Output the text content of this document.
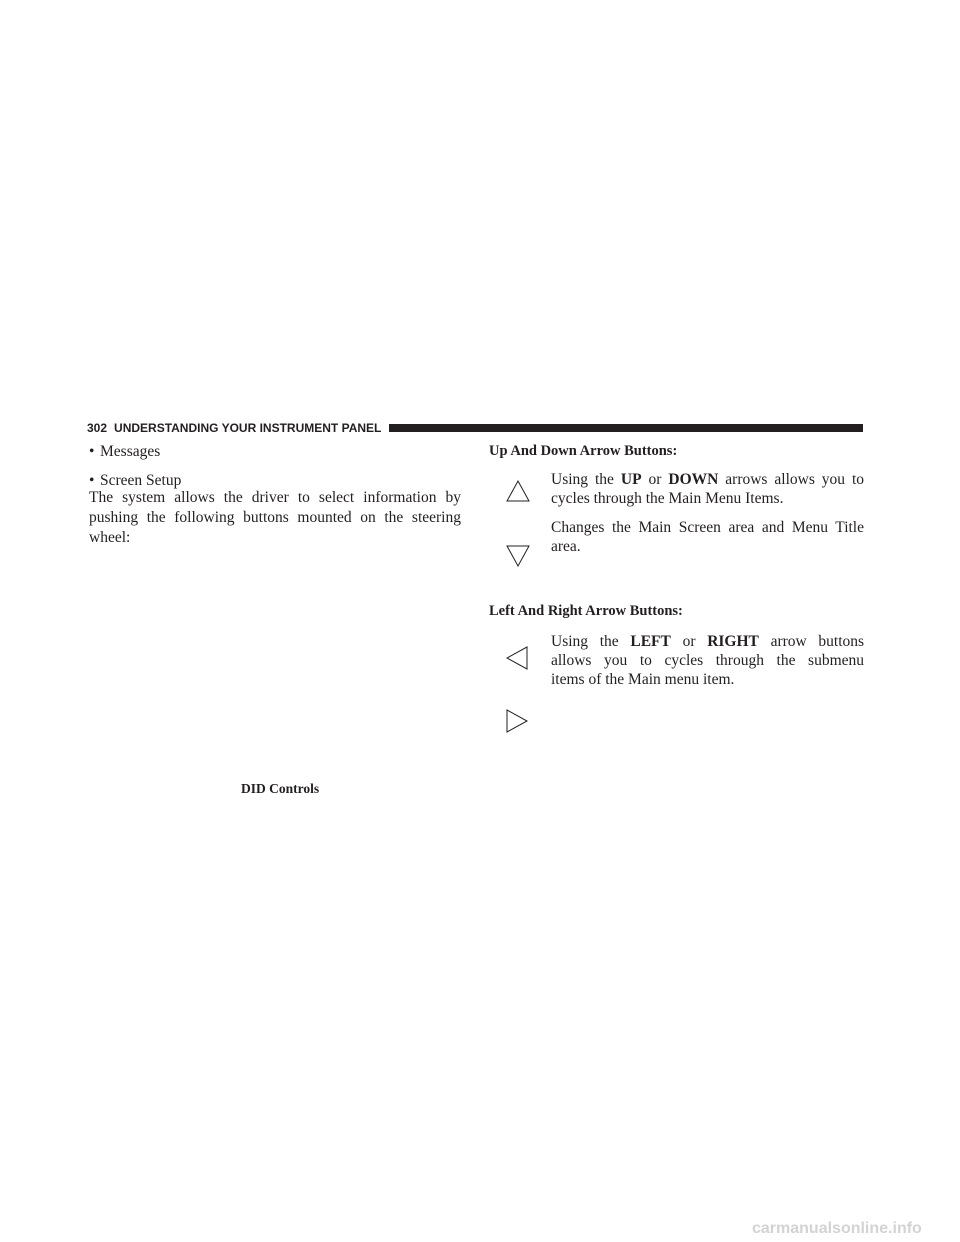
302 UNDERSTANDING YOUR INSTRUMENT PANEL
• Messages
• Screen Setup
The system allows the driver to select information by pushing the following buttons mounted on the steering wheel:
DID Controls
Up And Down Arrow Buttons:
Using the UP or DOWN arrows allows you to
cycles through the Main Menu Items.
Changes the Main Screen area and Menu Title
area.
Left And Right Arrow Buttons:
Using the LEFT or RIGHT arrow buttons
allows you to cycles through the submenu
items of the Main menu item.
carmanualsonline.info
